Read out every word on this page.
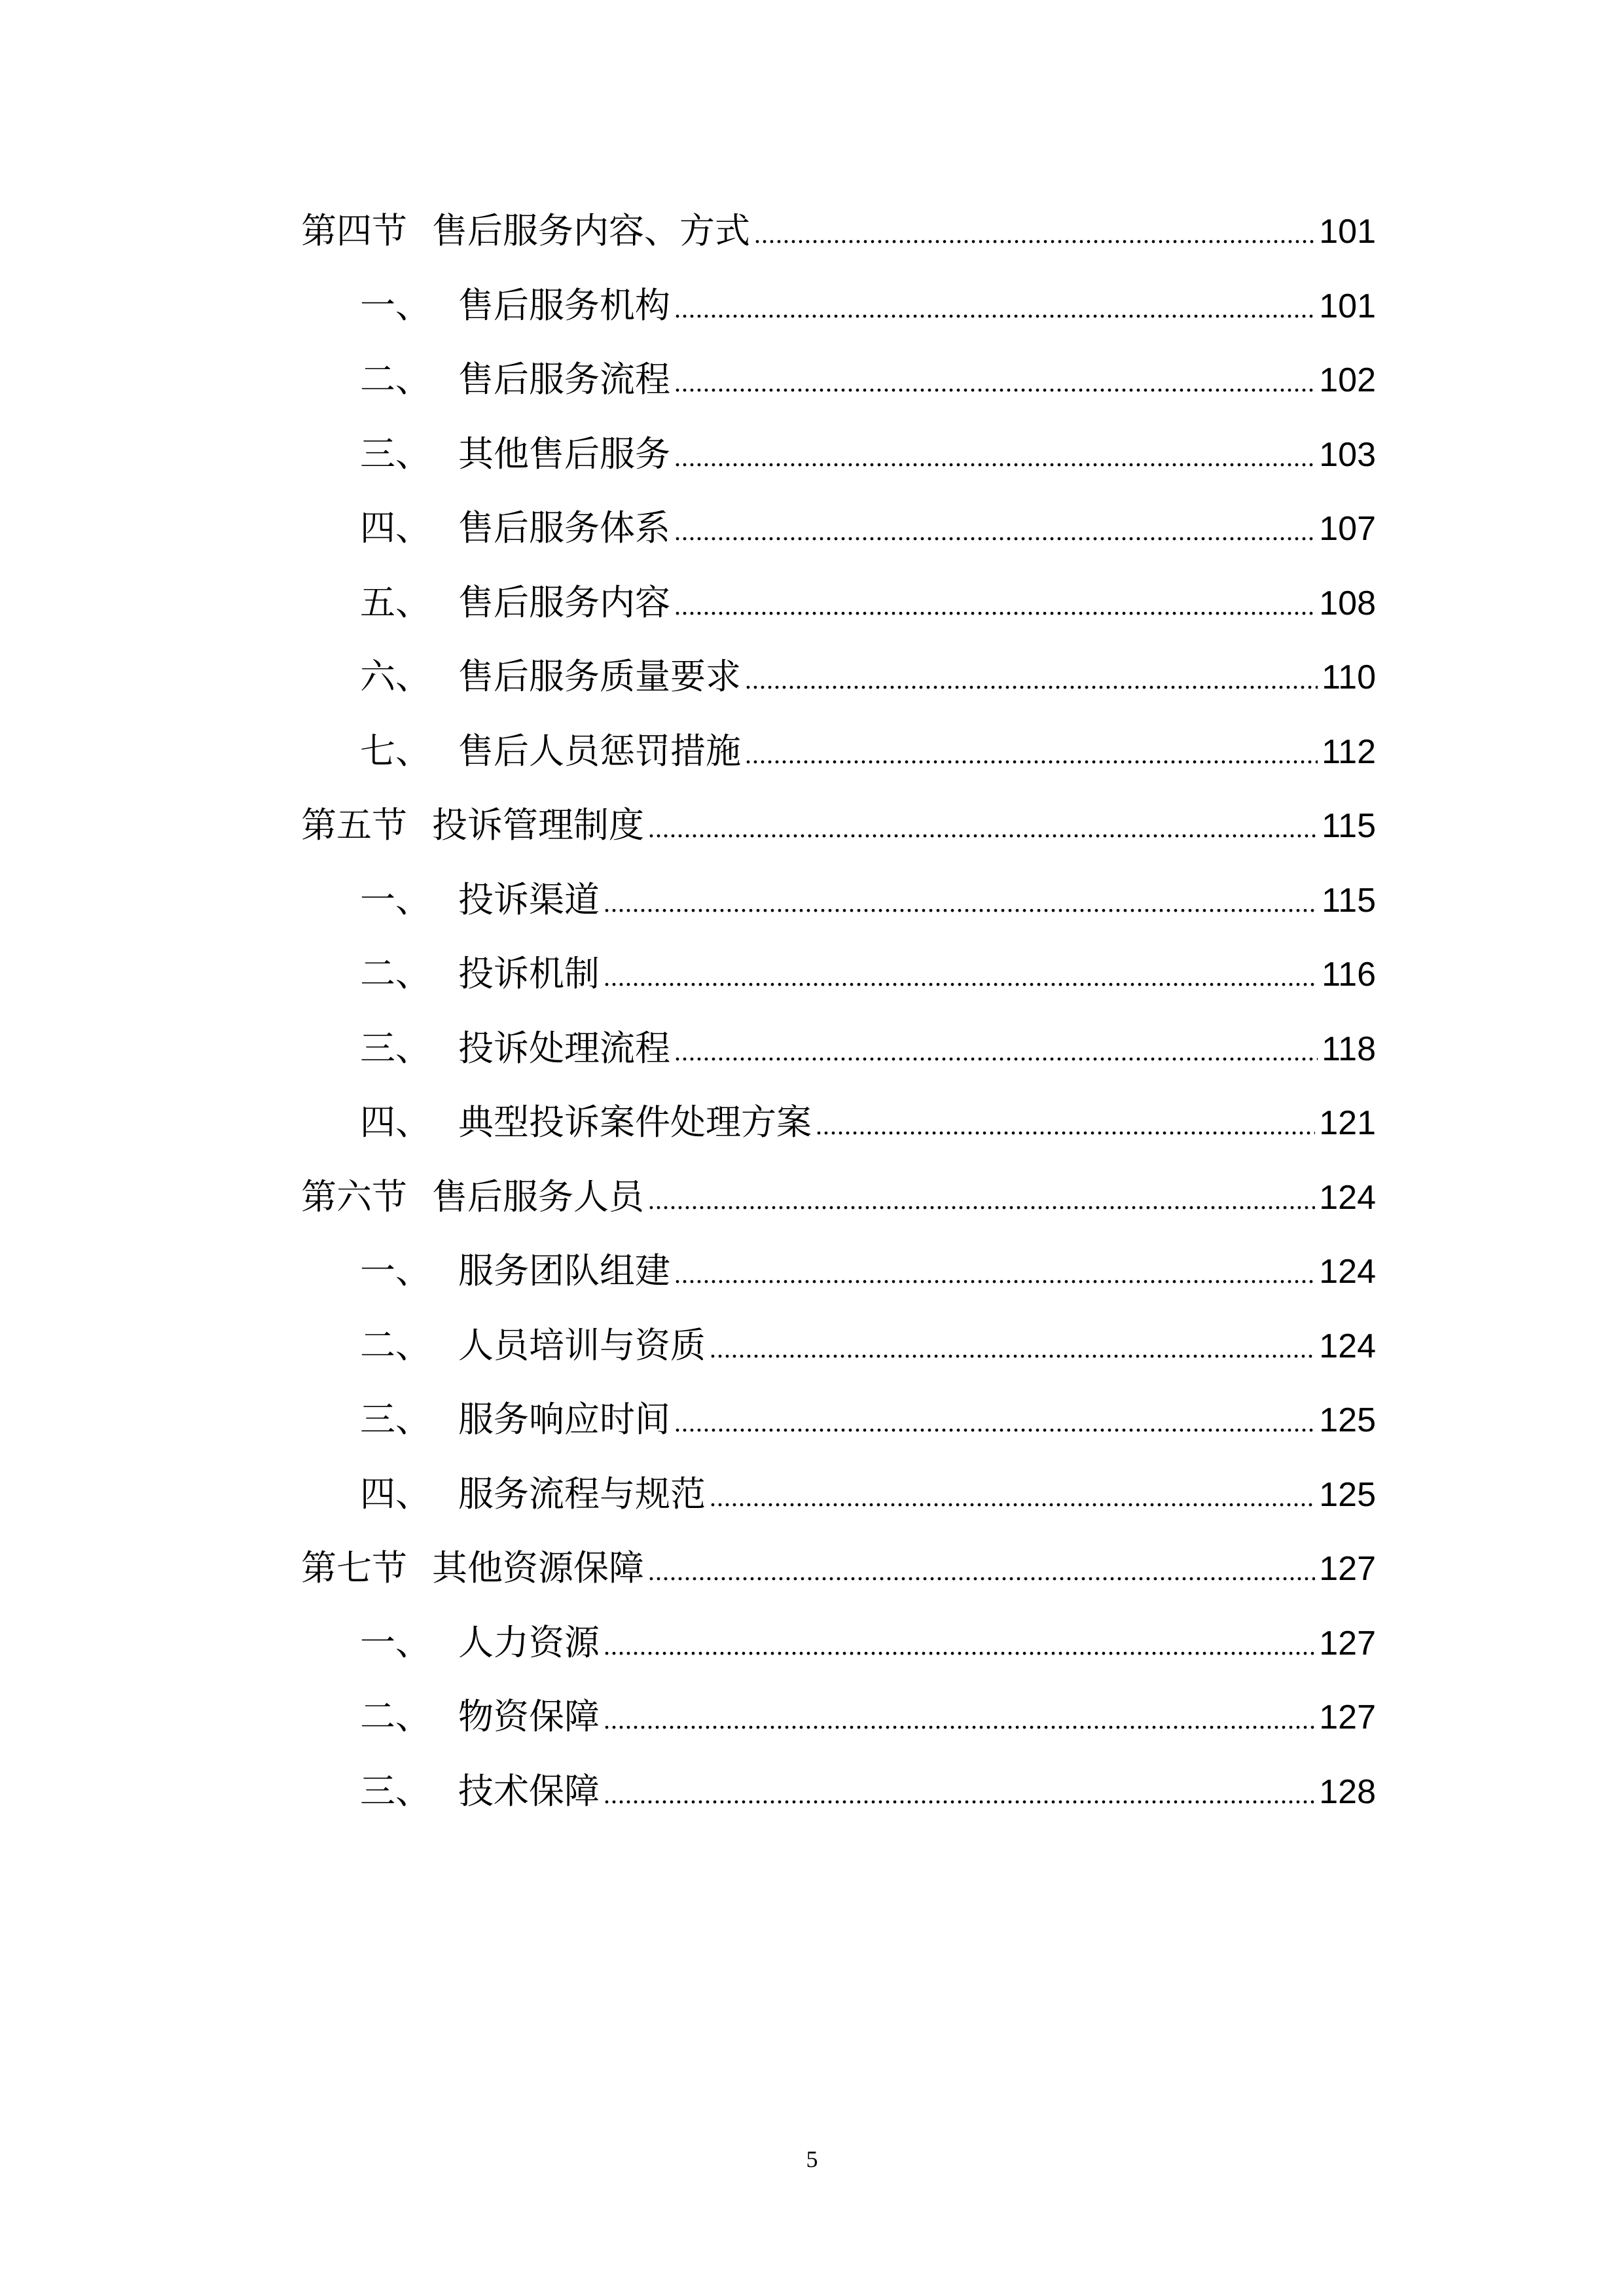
第四节 售后服务内容、方式 .....	101
一、 售后服务机构 .....	101
二、 售后服务流程 .....	102
三、 其他售后服务 .....	103
四、 售后服务体系 .....	107
五、 售后服务内容 .....	108
六、 售后服务质量要求 .....	110
七、 售后人员惩罚措施 .....	112
第五节 投诉管理制度 .....	115
一、 投诉渠道 .....	115
二、 投诉机制 .....	116
三、 投诉处理流程 .....	118
四、 典型投诉案件处理方案 .....	121
第六节 售后服务人员 .....	124
一、 服务团队组建 .....	124
二、 人员培训与资质 .....	124
三、 服务响应时间 .....	125
四、 服务流程与规范 .....	125
第七节 其他资源保障 .....	127
一、 人力资源 .....	127
二、 物资保障 .....	127
三、 技术保障 .....	128
5
